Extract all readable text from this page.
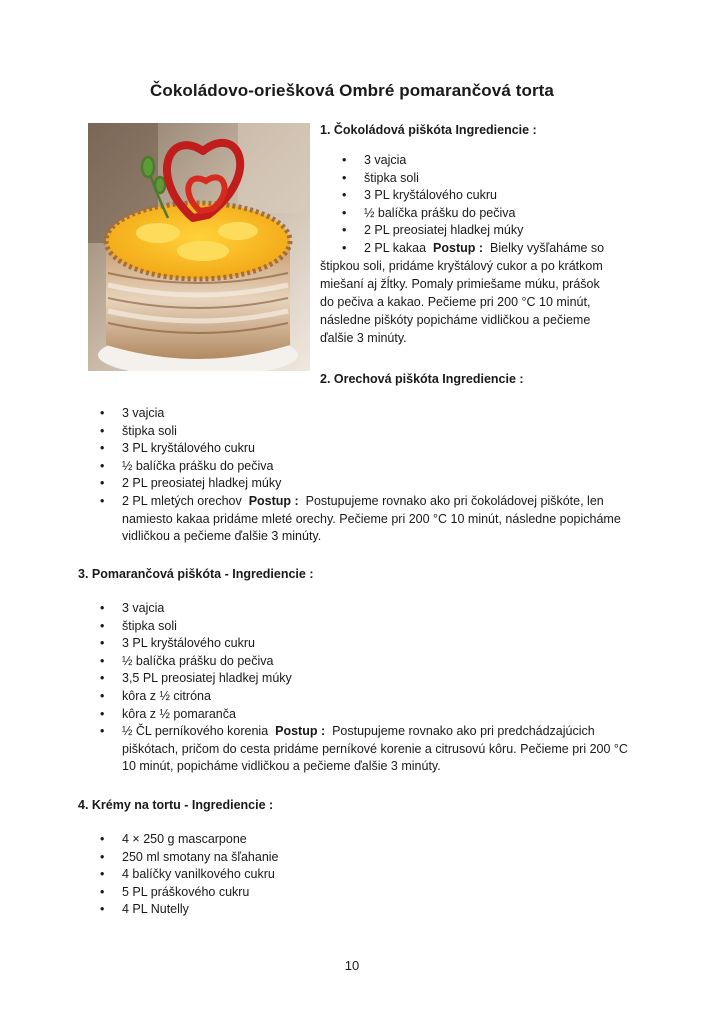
Čokoládovo-oriešková Ombré pomarančová torta
1. Čokoládová piškóta Ingrediencie :
• 3 vajcia
• štipka soli
• 3 PL kryštálového cukru
• ½ balíčka prášku do pečiva
• 2 PL preosiatej hladkej múky
• 2 PL kakaa Postup : Bielky vyšľaháme so
štipkou soli, pridáme kryštálový cukor a po krátkom
miešaní aj žĺtky. Pomaly primiešame múku, prášok
do pečiva a kakao. Pečieme pri 200 °C 10 minút,
následne piškóty popicháme vidličkou a pečieme
ďalšie 3 minúty.
2. Orechová piškóta Ingrediencie :
• 3 vajcia
• štipka soli
• 3 PL kryštálového cukru
• ½ balíčka prášku do pečiva
• 2 PL preosiatej hladkej múky
• 2 PL mletých orechov Postup : Postupujeme rovnako ako pri čokoládovej piškóte, len namiesto kakaa pridáme mleté orechy. Pečieme pri 200 °C 10 minút, následne popicháme vidličkou a pečieme ďalšie 3 minúty.
3. Pomarančová piškóta - Ingrediencie :
• 3 vajcia
• štipka soli
• 3 PL kryštálového cukru
• ½ balíčka prášku do pečiva
• 3,5 PL preosiatej hladkej múky
• kôra z ½ citróna
• kôra z ½ pomaranča
• ½ ČL perníkového korenia Postup : Postupujeme rovnako ako pri predchádzajúcich piškótach, pričom do cesta pridáme perníkové korenie a citrusovú kôru. Pečieme pri 200 °C 10 minút, popicháme vidličkou a pečieme ďalšie 3 minúty.
4. Krémy na tortu - Ingrediencie :
• 4 × 250 g mascarpone
• 250 ml smotany na šľahanie
• 4 balíčky vanilkového cukru
• 5 PL práškového cukru
• 4 PL Nutelly
10
